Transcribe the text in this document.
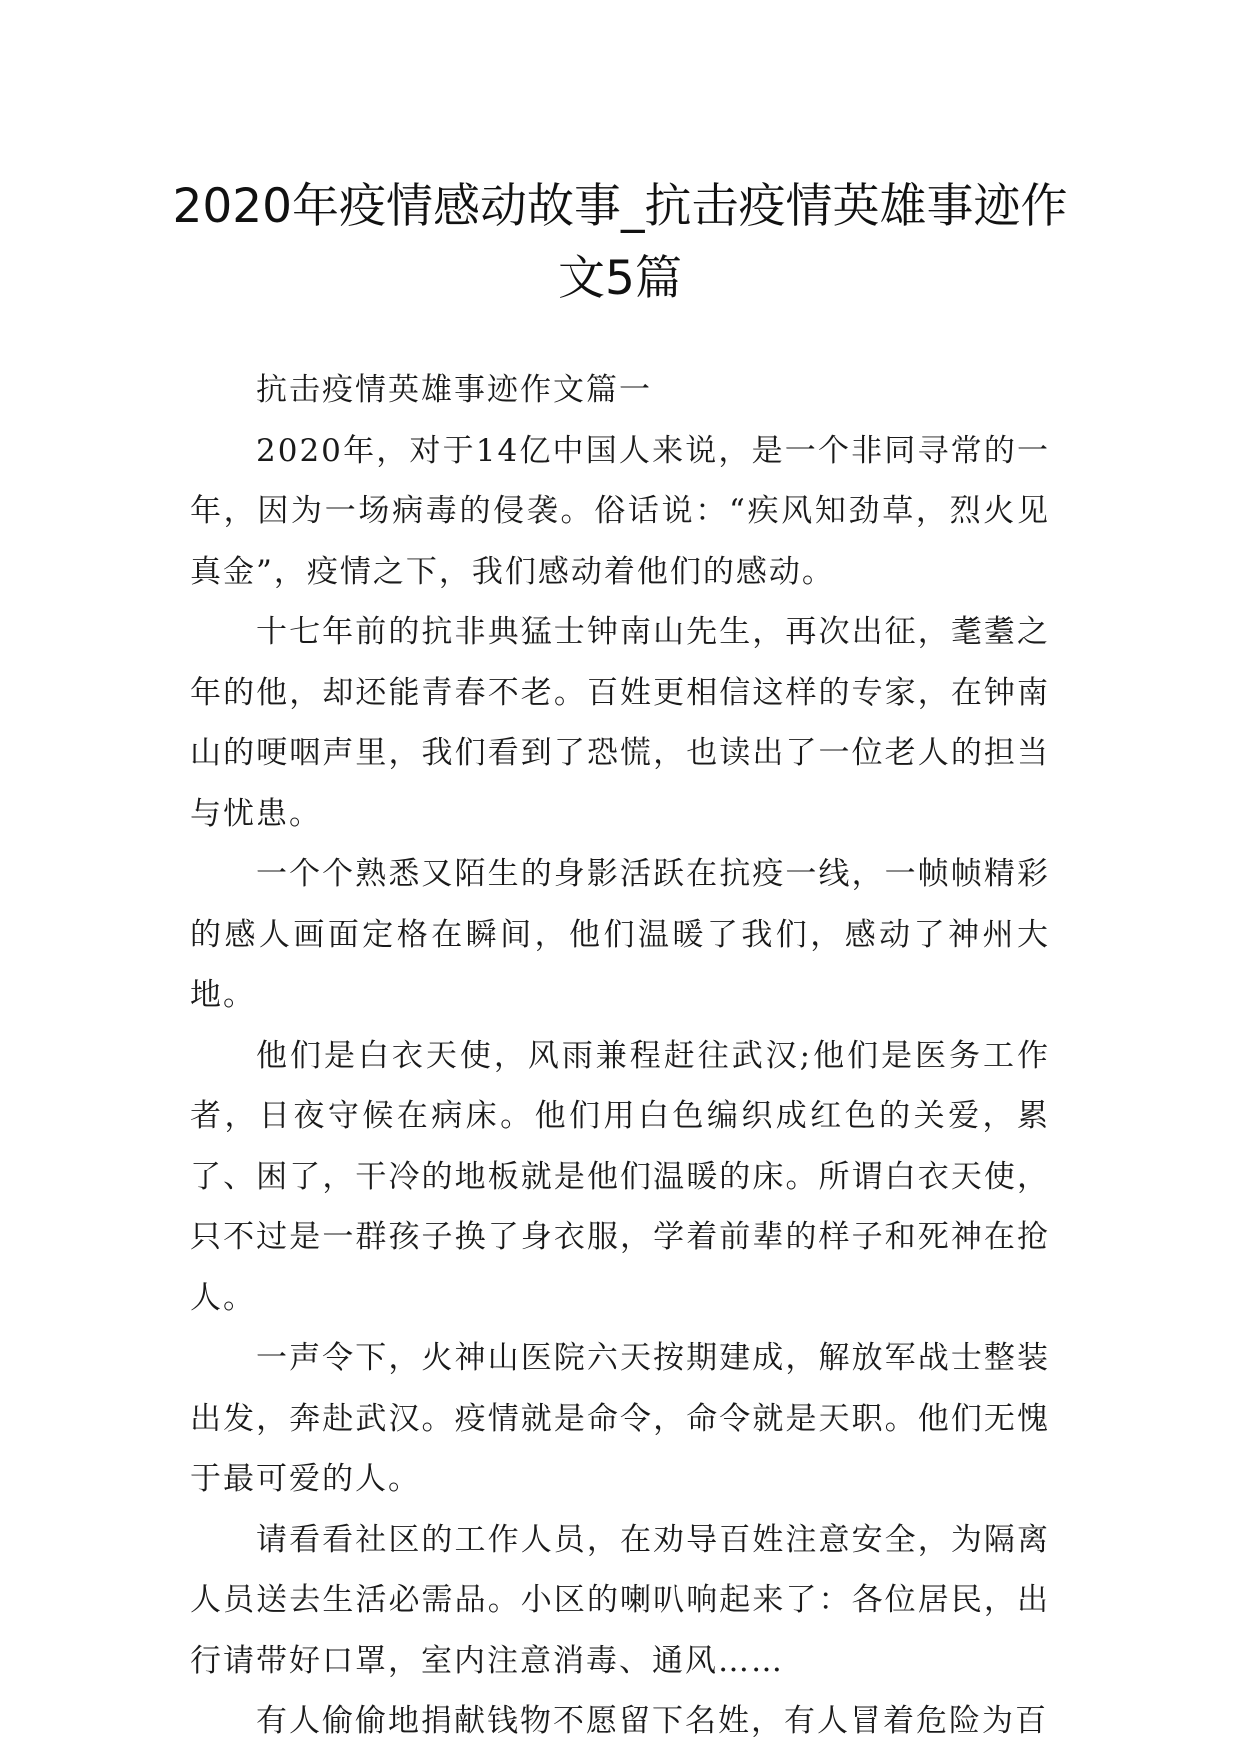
2020年疫情感动故事_抗击疫情英雄事迹作文5篇

抗击疫情英雄事迹作文篇一

2020年，对于14亿中国人来说，是一个非同寻常的一年，因为一场病毒的侵袭。俗话说：“疾风知劲草，烈火见真金”，疫情之下，我们感动着他们的感动。

十七年前的抗非典猛士钟南山先生，再次出征，耄耋之年的他，却还能青春不老。百姓更相信这样的专家，在钟南山的哽咽声里，我们看到了恐慌，也读出了一位老人的担当与忧患。

一个个熟悉又陌生的身影活跃在抗疫一线，一帧帧精彩的感人画面定格在瞬间，他们温暖了我们，感动了神州大地。

他们是白衣天使，风雨兼程赶往武汉;他们是医务工作者，日夜守候在病床。他们用白色编织成红色的关爱，累了、困了，干冷的地板就是他们温暖的床。所谓白衣天使，只不过是一群孩子换了身衣服，学着前辈的样子和死神在抢人。

一声令下，火神山医院六天按期建成，解放军战士整装出发，奔赴武汉。疫情就是命令，命令就是天职。他们无愧于最可爱的人。

请看看社区的工作人员，在劝导百姓注意安全，为隔离人员送去生活必需品。小区的喇叭响起来了：各位居民，出行请带好口罩，室内注意消毒、通风……

有人偷偷地捐献钱物不愿留下名姓，有人冒着危险为百
